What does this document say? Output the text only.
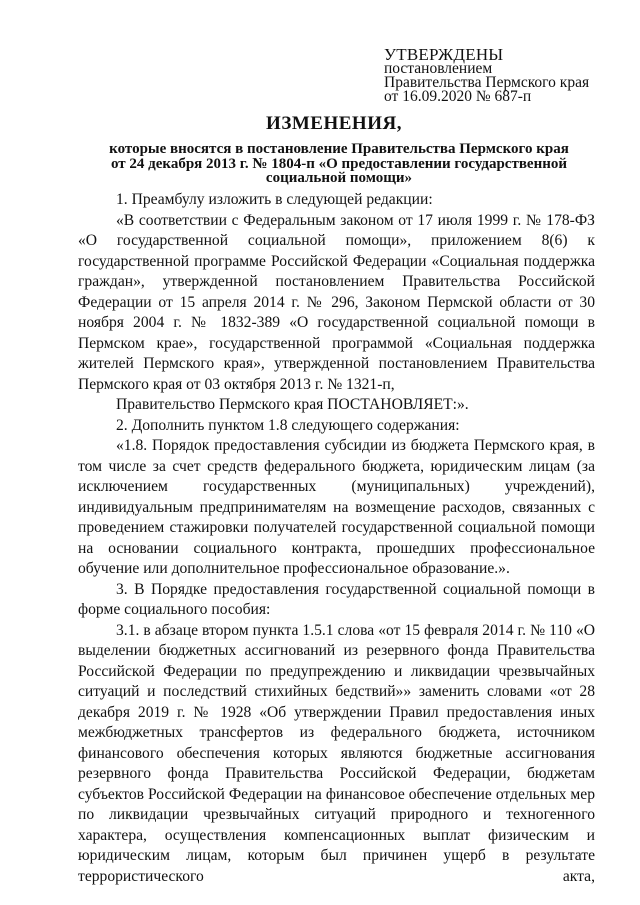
УТВЕРЖДЕНЫ
постановлением
Правительства Пермского края
от 16.09.2020 № 687-п
ИЗМЕНЕНИЯ,
которые вносятся в постановление Правительства Пермского края
от 24 декабря 2013 г. № 1804-п «О предоставлении государственной
социальной помощи»

1. Преамбулу изложить в следующей редакции:

«В соответствии с Федеральным законом от 17 июля 1999 г. № 178-ФЗ «О государственной социальной помощи», приложением 8(6) к государственной программе Российской Федерации «Социальная поддержка граждан», утвержденной постановлением Правительства Российской Федерации от 15 апреля 2014 г. № 296, Законом Пермской области от 30 ноября 2004 г. № 1832-389 «О государственной социальной помощи в Пермском крае», государственной программой «Социальная поддержка жителей Пермского края», утвержденной постановлением Правительства Пермского края от 03 октября 2013 г. № 1321-п,

Правительство Пермского края ПОСТАНОВЛЯЕТ:».

2. Дополнить пунктом 1.8 следующего содержания:

«1.8. Порядок предоставления субсидии из бюджета Пермского края, в том числе за счет средств федерального бюджета, юридическим лицам (за исключением государственных (муниципальных) учреждений), индивидуальным предпринимателям на возмещение расходов, связанных с проведением стажировки получателей государственной социальной помощи на основании социального контракта, прошедших профессиональное обучение или дополнительное профессиональное образование.».

3. В Порядке предоставления государственной социальной помощи в форме социального пособия:

3.1. в абзаце втором пункта 1.5.1 слова «от 15 февраля 2014 г. № 110 «О выделении бюджетных ассигнований из резервного фонда Правительства Российской Федерации по предупреждению и ликвидации чрезвычайных ситуаций и последствий стихийных бедствий»» заменить словами «от 28 декабря 2019 г. № 1928 «Об утверждении Правил предоставления иных межбюджетных трансфертов из федерального бюджета, источником финансового обеспечения которых являются бюджетные ассигнования резервного фонда Правительства Российской Федерации, бюджетам субъектов Российской Федерации на финансовое обеспечение отдельных мер по ликвидации чрезвычайных ситуаций природного и техногенного характера, осуществления компенсационных выплат физическим и юридическим лицам, которым был причинен ущерб в результате террористического акта,
